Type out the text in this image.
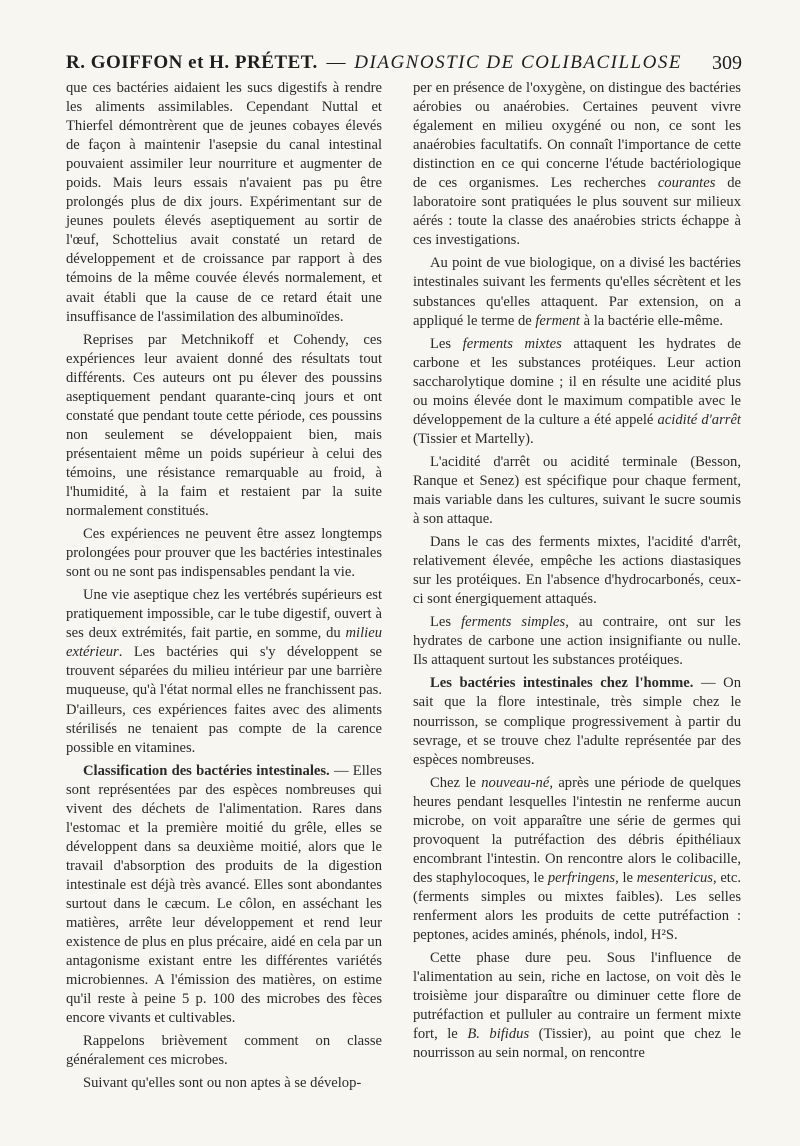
R. GOIFFON et H. PRÉTET. — DIAGNOSTIC DE COLIBACILLOSE 309

que ces bactéries aidaient les sucs digestifs à rendre les aliments assimilables. Cependant Nuttal et Thierfel démontrèrent que de jeunes cobayes élevés de façon à maintenir l'asepsie du canal intestinal pouvaient assimiler leur nourriture et augmenter de poids. Mais leurs essais n'avaient pas pu être prolongés plus de dix jours. Expérimentant sur de jeunes poulets élevés aseptiquement au sortir de l'œuf, Schottelius avait constaté un retard de développement et de croissance par rapport à des témoins de la même couvée élevés normalement, et avait établi que la cause de ce retard était une insuffisance de l'assimilation des albuminoïdes.

Reprises par Metchnikoff et Cohendy, ces expériences leur avaient donné des résultats tout différents. Ces auteurs ont pu élever des poussins aseptiquement pendant quarante-cinq jours et ont constaté que pendant toute cette période, ces poussins non seulement se développaient bien, mais présentaient même un poids supérieur à celui des témoins, une résistance remarquable au froid, à l'humidité, à la faim et restaient par la suite normalement constitués.

Ces expériences ne peuvent être assez longtemps prolongées pour prouver que les bactéries intestinales sont ou ne sont pas indispensables pendant la vie.

Une vie aseptique chez les vertébrés supérieurs est pratiquement impossible, car le tube digestif, ouvert à ses deux extrémités, fait partie, en somme, du milieu extérieur. Les bactéries qui s'y développent se trouvent séparées du milieu intérieur par une barrière muqueuse, qu'à l'état normal elles ne franchissent pas. D'ailleurs, ces expériences faites avec des aliments stérilisés ne tenaient pas compte de la carence possible en vitamines.

Classification des bactéries intestinales. — Elles sont représentées par des espèces nombreuses qui vivent des déchets de l'alimentation. Rares dans l'estomac et la première moitié du grêle, elles se développent dans sa deuxième moitié, alors que le travail d'absorption des produits de la digestion intestinale est déjà très avancé. Elles sont abondantes surtout dans le cæcum. Le côlon, en asséchant les matières, arrête leur développement et rend leur existence de plus en plus précaire, aidé en cela par un antagonisme existant entre les différentes variétés microbiennes. A l'émission des matières, on estime qu'il reste à peine 5 p. 100 des microbes des fèces encore vivants et cultivables.

Rappelons brièvement comment on classe généralement ces microbes.

Suivant qu'elles sont ou non aptes à se dévelop-

per en présence de l'oxygène, on distingue des bactéries aérobies ou anaérobies. Certaines peuvent vivre également en milieu oxygéné ou non, ce sont les anaérobies facultatifs. On connaît l'importance de cette distinction en ce qui concerne l'étude bactériologique de ces organismes. Les recherches courantes de laboratoire sont pratiquées le plus souvent sur milieux aérés : toute la classe des anaérobies stricts échappe à ces investigations.

Au point de vue biologique, on a divisé les bactéries intestinales suivant les ferments qu'elles sécrètent et les substances qu'elles attaquent. Par extension, on a appliqué le terme de ferment à la bactérie elle-même.

Les ferments mixtes attaquent les hydrates de carbone et les substances protéiques. Leur action saccharolytique domine ; il en résulte une acidité plus ou moins élevée dont le maximum compatible avec le développement de la culture a été appelé acidité d'arrêt (Tissier et Martelly).

L'acidité d'arrêt ou acidité terminale (Besson, Ranque et Senez) est spécifique pour chaque ferment, mais variable dans les cultures, suivant le sucre soumis à son attaque.

Dans le cas des ferments mixtes, l'acidité d'arrêt, relativement élevée, empêche les actions diastasiques sur les protéiques. En l'absence d'hydrocarbonés, ceux-ci sont énergiquement attaqués.

Les ferments simples, au contraire, ont sur les hydrates de carbone une action insignifiante ou nulle. Ils attaquent surtout les substances protéiques.

Les bactéries intestinales chez l'homme. — On sait que la flore intestinale, très simple chez le nourrisson, se complique progressivement à partir du sevrage, et se trouve chez l'adulte représentée par des espèces nombreuses.

Chez le nouveau-né, après une période de quelques heures pendant lesquelles l'intestin ne renferme aucun microbe, on voit apparaître une série de germes qui provoquent la putréfaction des débris épithéliaux encombrant l'intestin. On rencontre alors le colibacille, des staphylocoques, le perfringens, le mesentericus, etc. (ferments simples ou mixtes faibles). Les selles renferment alors les produits de cette putréfaction : peptones, acides aminés, phénols, indol, H²S.

Cette phase dure peu. Sous l'influence de l'alimentation au sein, riche en lactose, on voit dès le troisième jour disparaître ou diminuer cette flore de putréfaction et pulluler au contraire un ferment mixte fort, le B. bifidus (Tissier), au point que chez le nourrisson au sein normal, on rencontre
